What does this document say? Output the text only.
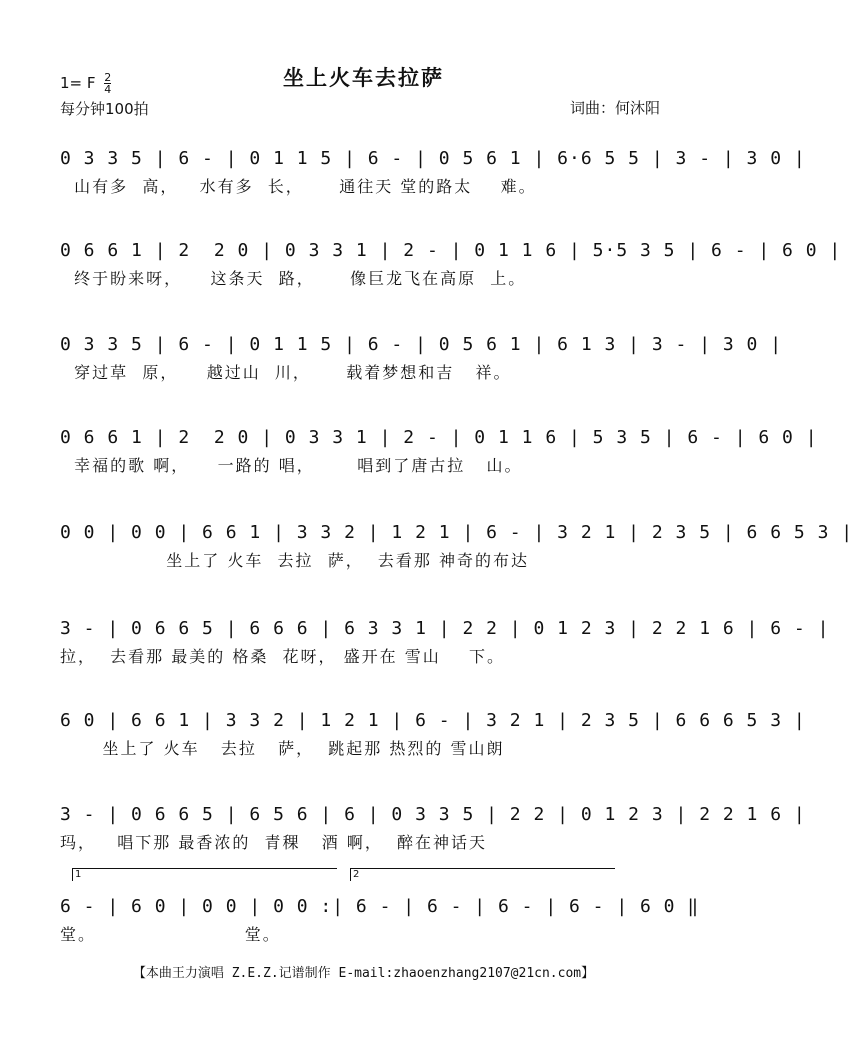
坐上火车去拉萨
1= F $\frac{2}{4}$
每分钟100拍	词曲：何沐阳
0 3 3 5 | 6 - | 0 1 1 5 | 6 - | 0 5 6 1 | 6·6 5 5 | 3 - | 3 0 |
山有多  高，   水有多  长，     通往天 堂的路太    难。
0 6 6 1 | 2  2 0 | 0 3 3 1 | 2 - | 0 1 1 6 | 5·5 3 5 | 6 - | 6 0 |
终于盼来呀，    这条天  路，     像巨龙飞在高原  上。
0 3 3 5 | 6 - | 0 1 1 5 | 6 - | 0 5 6 1 | 6 1 3 | 3 - | 3 0 |
穿过草  原，    越过山  川，     载着梦想和吉   祥。
0 6 6 1 | 2  2 0 | 0 3 3 1 | 2 - | 0 1 1 6 | 5 3 5 | 6 - | 6 0 |
幸福的歌 啊，    一路的 唱，      唱到了唐古拉   山。
0 0 | 0 0 | 6 6 1 | 3 3 2 | 1 2 1 | 6 - | 3 2 1 | 2 3 5 | 6 6 5 3 |
坐上了 火车  去拉  萨，  去看那 神奇的布达
3 - | 0 6 6 5 | 6 6 6 | 6 3 3 1 | 2 2 | 0 1 2 3 | 2 2 1 6 | 6 - |
拉，  去看那 最美的 格桑  花呀， 盛开在 雪山    下。
6 0 | 6 6 1 | 3 3 2 | 1 2 1 | 6 - | 3 2 1 | 2 3 5 | 6 6 6 5 3 |
坐上了 火车   去拉   萨，  跳起那 热烈的 雪山朗
3 - | 0 6 6 5 | 6 5 6 | 6 | 0 3 3 5 | 2 2 | 0 1 2 3 | 2 2 1 6 |
玛，   唱下那 最香浓的  青稞   酒 啊，  醉在神话天
1	2
6 - | 6 0 | 0 0 | 0 0 :| 6 - | 6 - | 6 - | 6 - | 6 0 ‖
堂。                     堂。
【本曲王力演唱 Z.E.Z.记谱制作 E-mail:zhaoenzhang2107@21cn.com】
